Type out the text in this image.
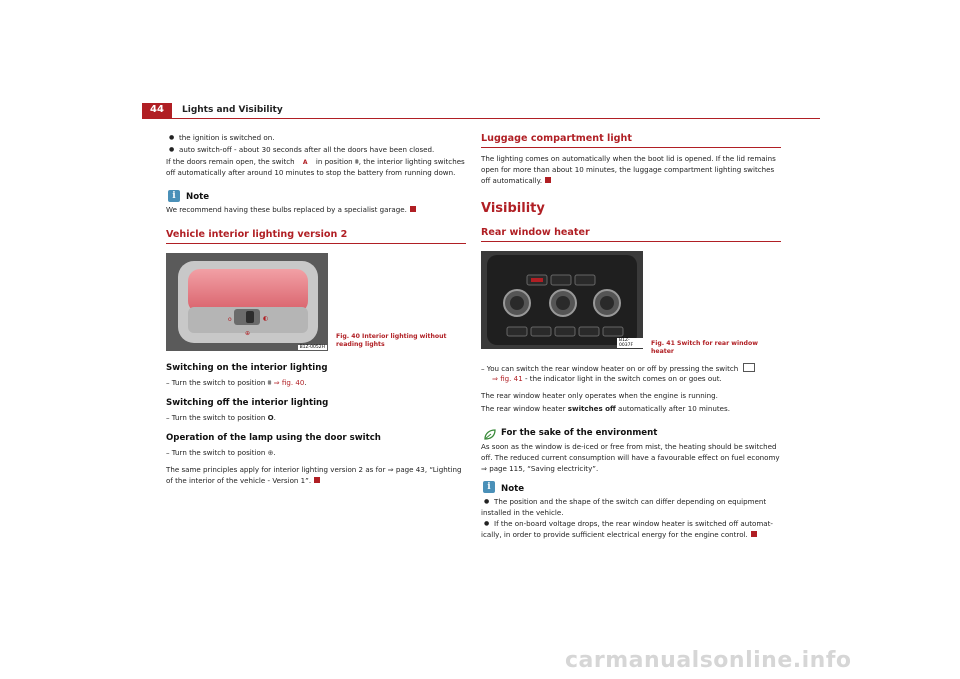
44 Lights and Visibility
● the ignition is switched on.
● auto switch-off - about 30 seconds after all the doors have been closed.
If the doors remain open, the switch A in position ⩩, the interior lighting switches
off automatically after around 10 minutes to stop the battery from running down.
i	Note
We recommend having these bulbs replaced by a specialist garage.
Vehicle interior lighting version 2
o	◐
⊕
B1Z-0052H
Fig. 40 Interior lighting without reading lights
Switching on the interior lighting
– Turn the switch to position ⩩ ⇒ fig. 40.
Switching off the interior lighting
– Turn the switch to position O.
Operation of the lamp using the door switch
– Turn the switch to position ⊕.
The same principles apply for interior lighting version 2 as for ⇒ page 43, “Lighting
of the interior of the vehicle - Version 1”.
Luggage compartment light
The lighting comes on automatically when the boot lid is opened. If the lid remains
open for more than about 10 minutes, the luggage compartment lighting switches
off automatically.
Visibility
Rear window heater
B1Z-0037F	Fig. 41 Switch for rear window heater
– You can switch the rear window heater on or off by pressing the switch
⇒ fig. 41 - the indicator light in the switch comes on or goes out.
The rear window heater only operates when the engine is running.
The rear window heater switches off automatically after 10 minutes.
For the sake of the environment
As soon as the window is de-iced or free from mist, the heating should be switched
off. The reduced current consumption will have a favourable effect on fuel economy
⇒ page 115, “Saving electricity”.
i	Note
● The position and the shape of the switch can differ depending on equipment
installed in the vehicle.
● If the on-board voltage drops, the rear window heater is switched off automat-
ically, in order to provide sufficient electrical energy for the engine control.
carmanualsonline.info
